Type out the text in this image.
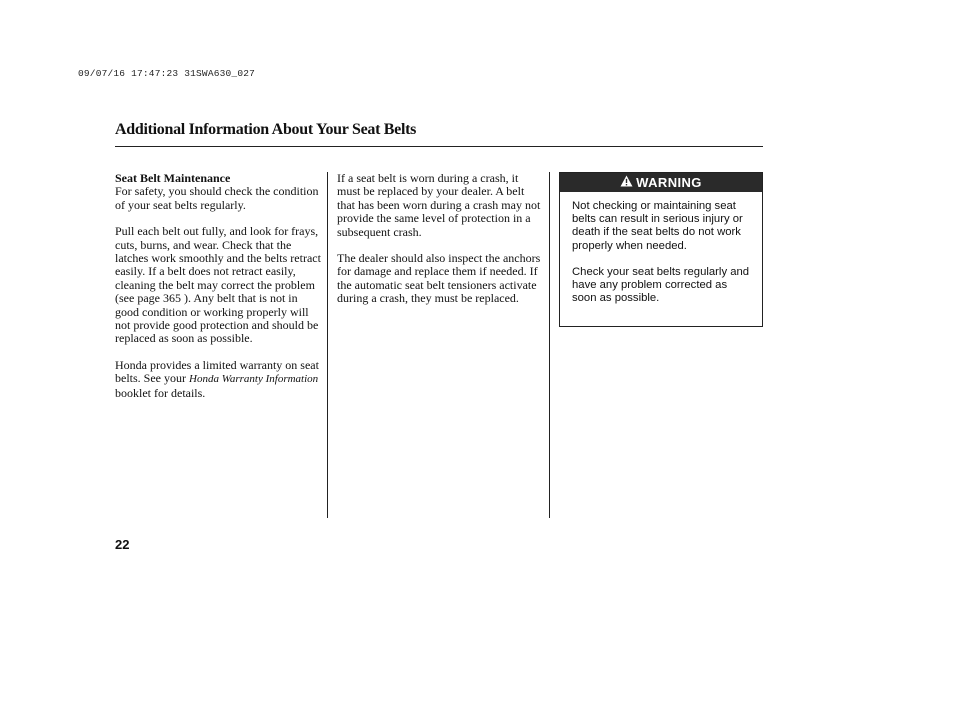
09/07/16 17:47:23 31SWA630_027
Additional Information About Your Seat Belts
Seat Belt Maintenance
For safety, you should check the condition of your seat belts regularly.
Pull each belt out fully, and look for frays, cuts, burns, and wear. Check that the latches work smoothly and the belts retract easily. If a belt does not retract easily, cleaning the belt may correct the problem (see page 365 ). Any belt that is not in good condition or working properly will not provide good protection and should be replaced as soon as possible.
Honda provides a limited warranty on seat belts. See your Honda Warranty Information booklet for details.
If a seat belt is worn during a crash, it must be replaced by your dealer. A belt that has been worn during a crash may not provide the same level of protection in a subsequent crash.
The dealer should also inspect the anchors for damage and replace them if needed. If the automatic seat belt tensioners activate during a crash, they must be replaced.
WARNING

Not checking or maintaining seat belts can result in serious injury or death if the seat belts do not work properly when needed.

Check your seat belts regularly and have any problem corrected as soon as possible.

22
